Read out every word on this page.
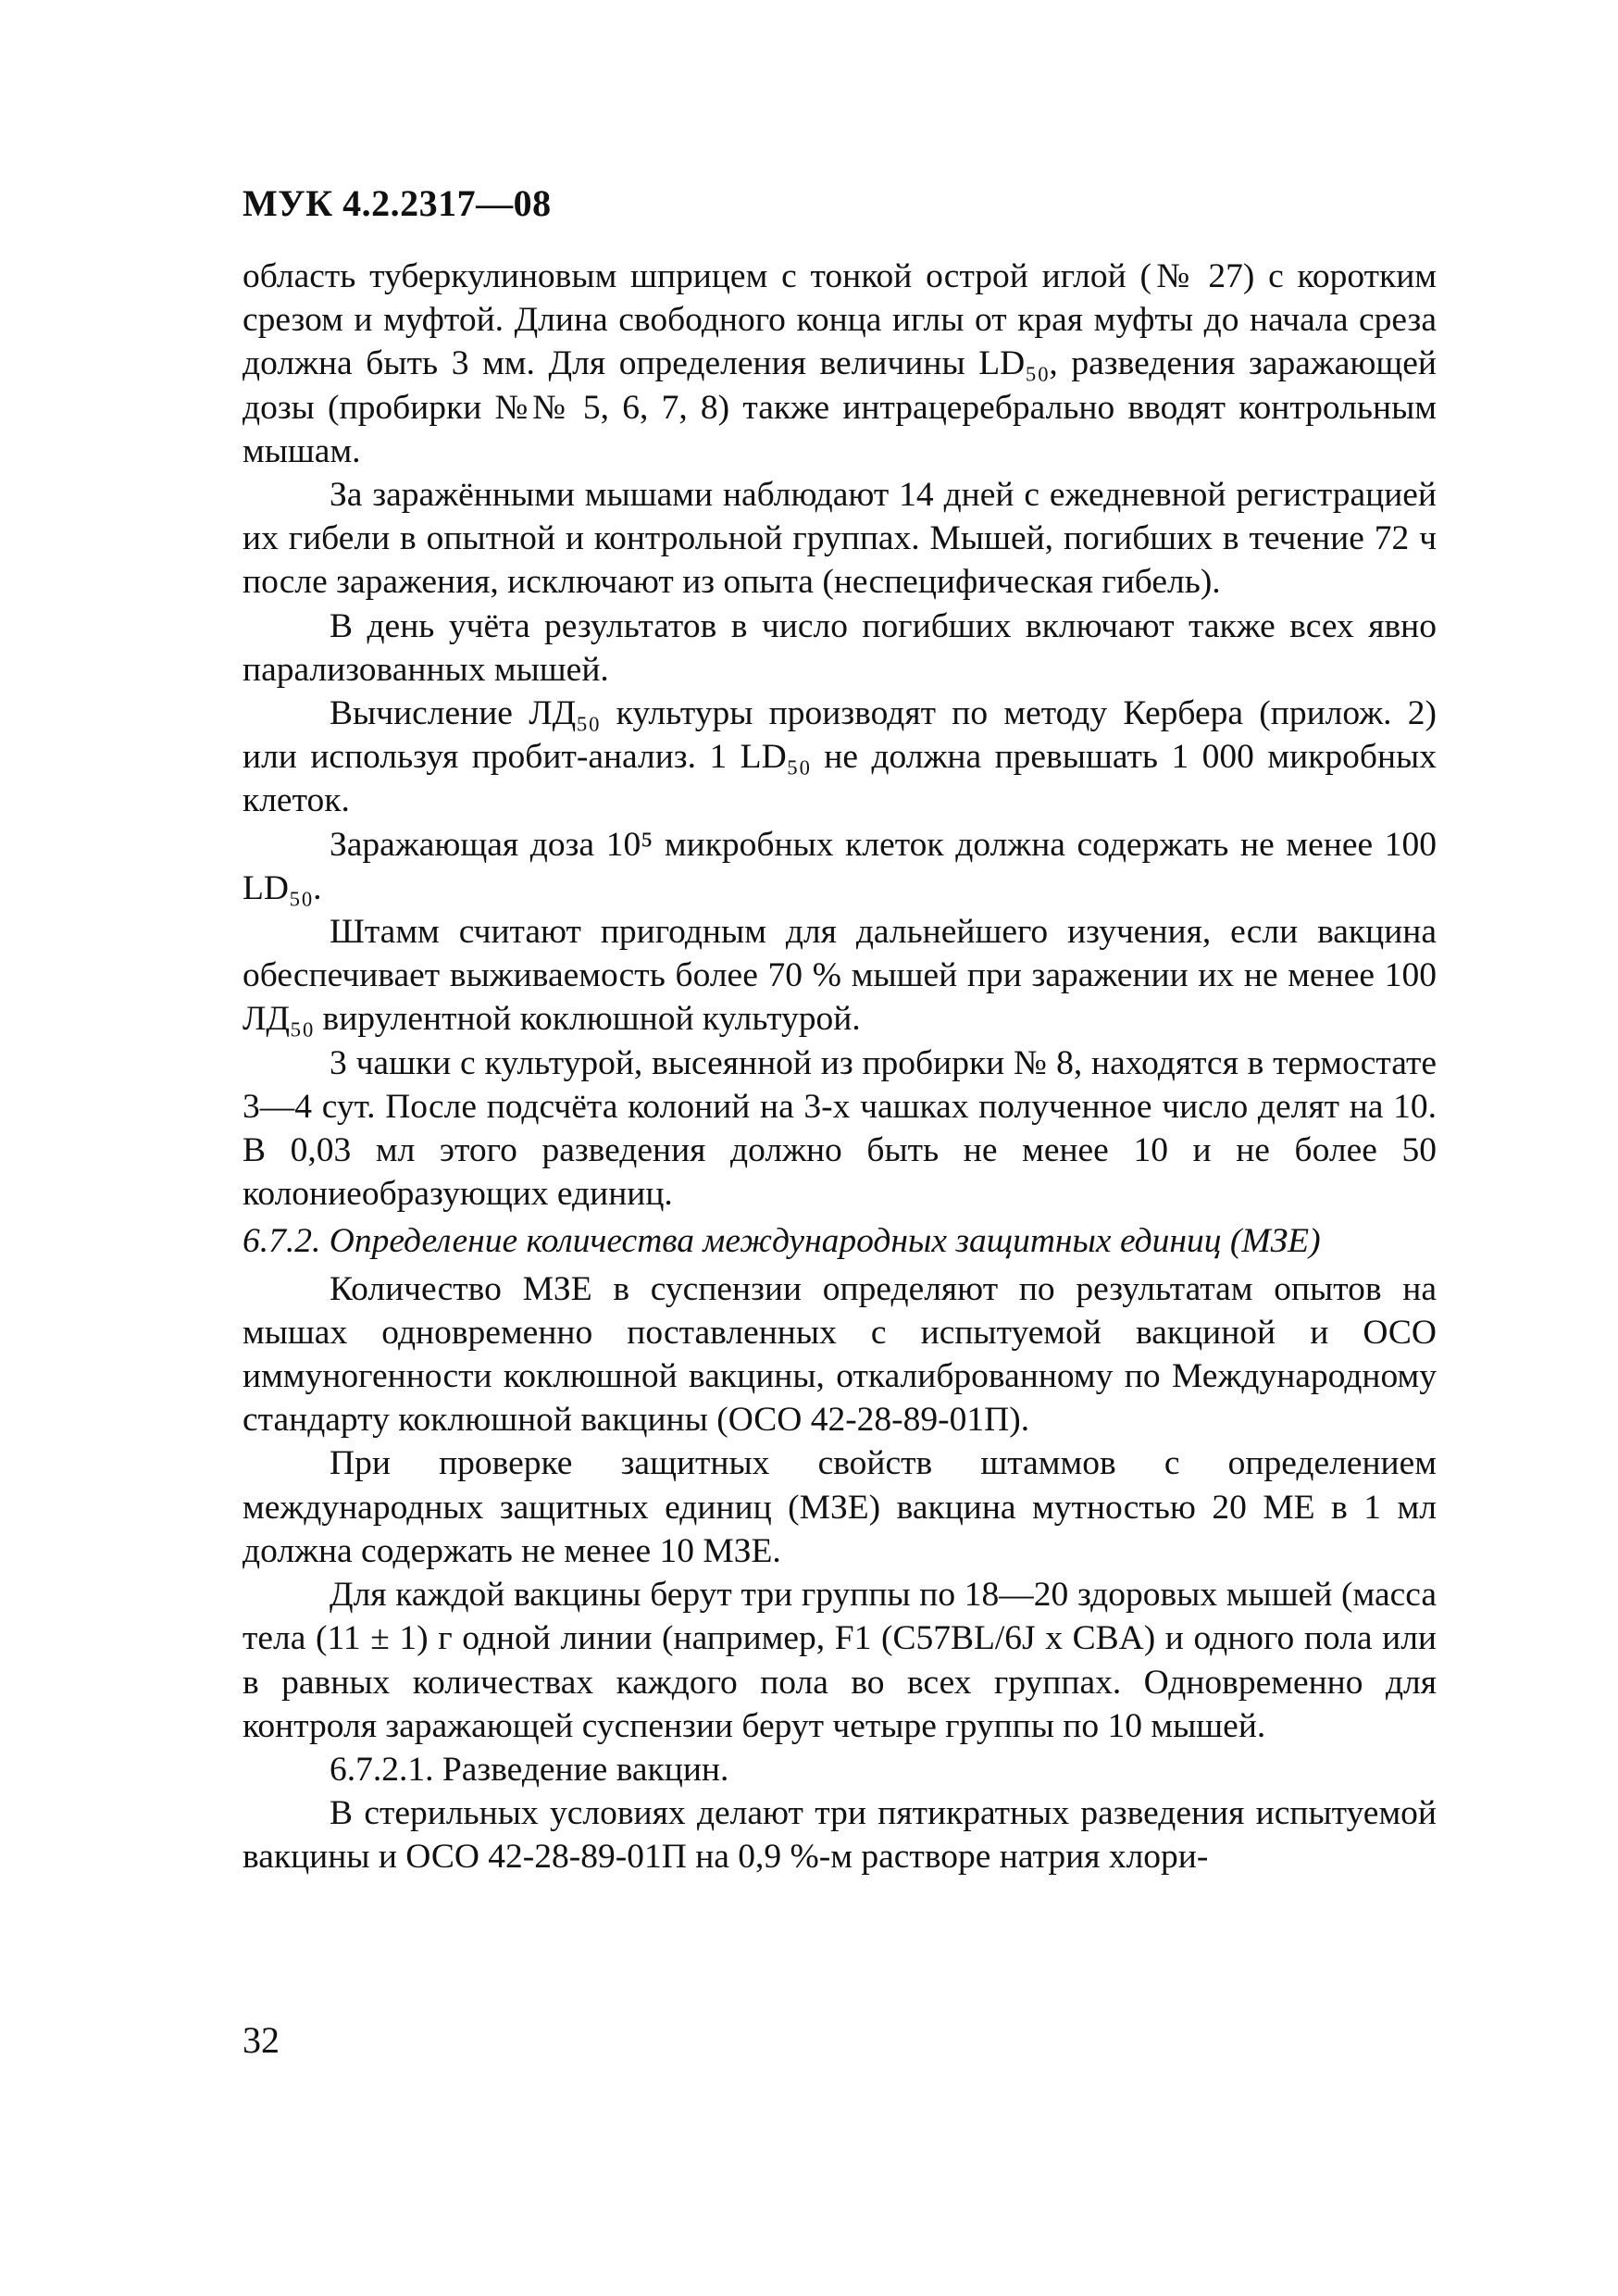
МУК 4.2.2317—08

область туберкулиновым шприцем с тонкой острой иглой (№ 27) с коротким срезом и муфтой. Длина свободного конца иглы от края муфты до начала среза должна быть 3 мм. Для определения величины LD₅₀, разведения заражающей дозы (пробирки №№ 5, 6, 7, 8) также интрацеребрально вводят контрольным мышам.

За заражёнными мышами наблюдают 14 дней с ежедневной регистрацией их гибели в опытной и контрольной группах. Мышей, погибших в течение 72 ч после заражения, исключают из опыта (неспецифическая гибель).

В день учёта результатов в число погибших включают также всех явно парализованных мышей.

Вычисление ЛД₅₀ культуры производят по методу Кербера (прилож. 2) или используя пробит-анализ. 1 LD₅₀ не должна превышать 1 000 микробных клеток.

Заражающая доза 10⁵ микробных клеток должна содержать не менее 100 LD₅₀.

Штамм считают пригодным для дальнейшего изучения, если вакцина обеспечивает выживаемость более 70 % мышей при заражении их не менее 100 ЛД₅₀ вирулентной коклюшной культурой.

3 чашки с культурой, высеянной из пробирки № 8, находятся в термостате 3—4 сут. После подсчёта колоний на 3-х чашках полученное число делят на 10. В 0,03 мл этого разведения должно быть не менее 10 и не более 50 колониеобразующих единиц.

6.7.2. Определение количества международных защитных единиц (МЗЕ)

Количество МЗЕ в суспензии определяют по результатам опытов на мышах одновременно поставленных с испытуемой вакциной и ОСО иммуногенности коклюшной вакцины, откалиброванному по Международному стандарту коклюшной вакцины (ОСО 42-28-89-01П).

При проверке защитных свойств штаммов с определением международных защитных единиц (МЗЕ) вакцина мутностью 20 МЕ в 1 мл должна содержать не менее 10 МЗЕ.

Для каждой вакцины берут три группы по 18—20 здоровых мышей (масса тела (11 ± 1) г одной линии (например, F1 (C57BL/6J x CBA) и одного пола или в равных количествах каждого пола во всех группах. Одновременно для контроля заражающей суспензии берут четыре группы по 10 мышей.

6.7.2.1. Разведение вакцин.

В стерильных условиях делают три пятикратных разведения испытуемой вакцины и ОСО 42-28-89-01П на 0,9 %-м растворе натрия хлори-

32
